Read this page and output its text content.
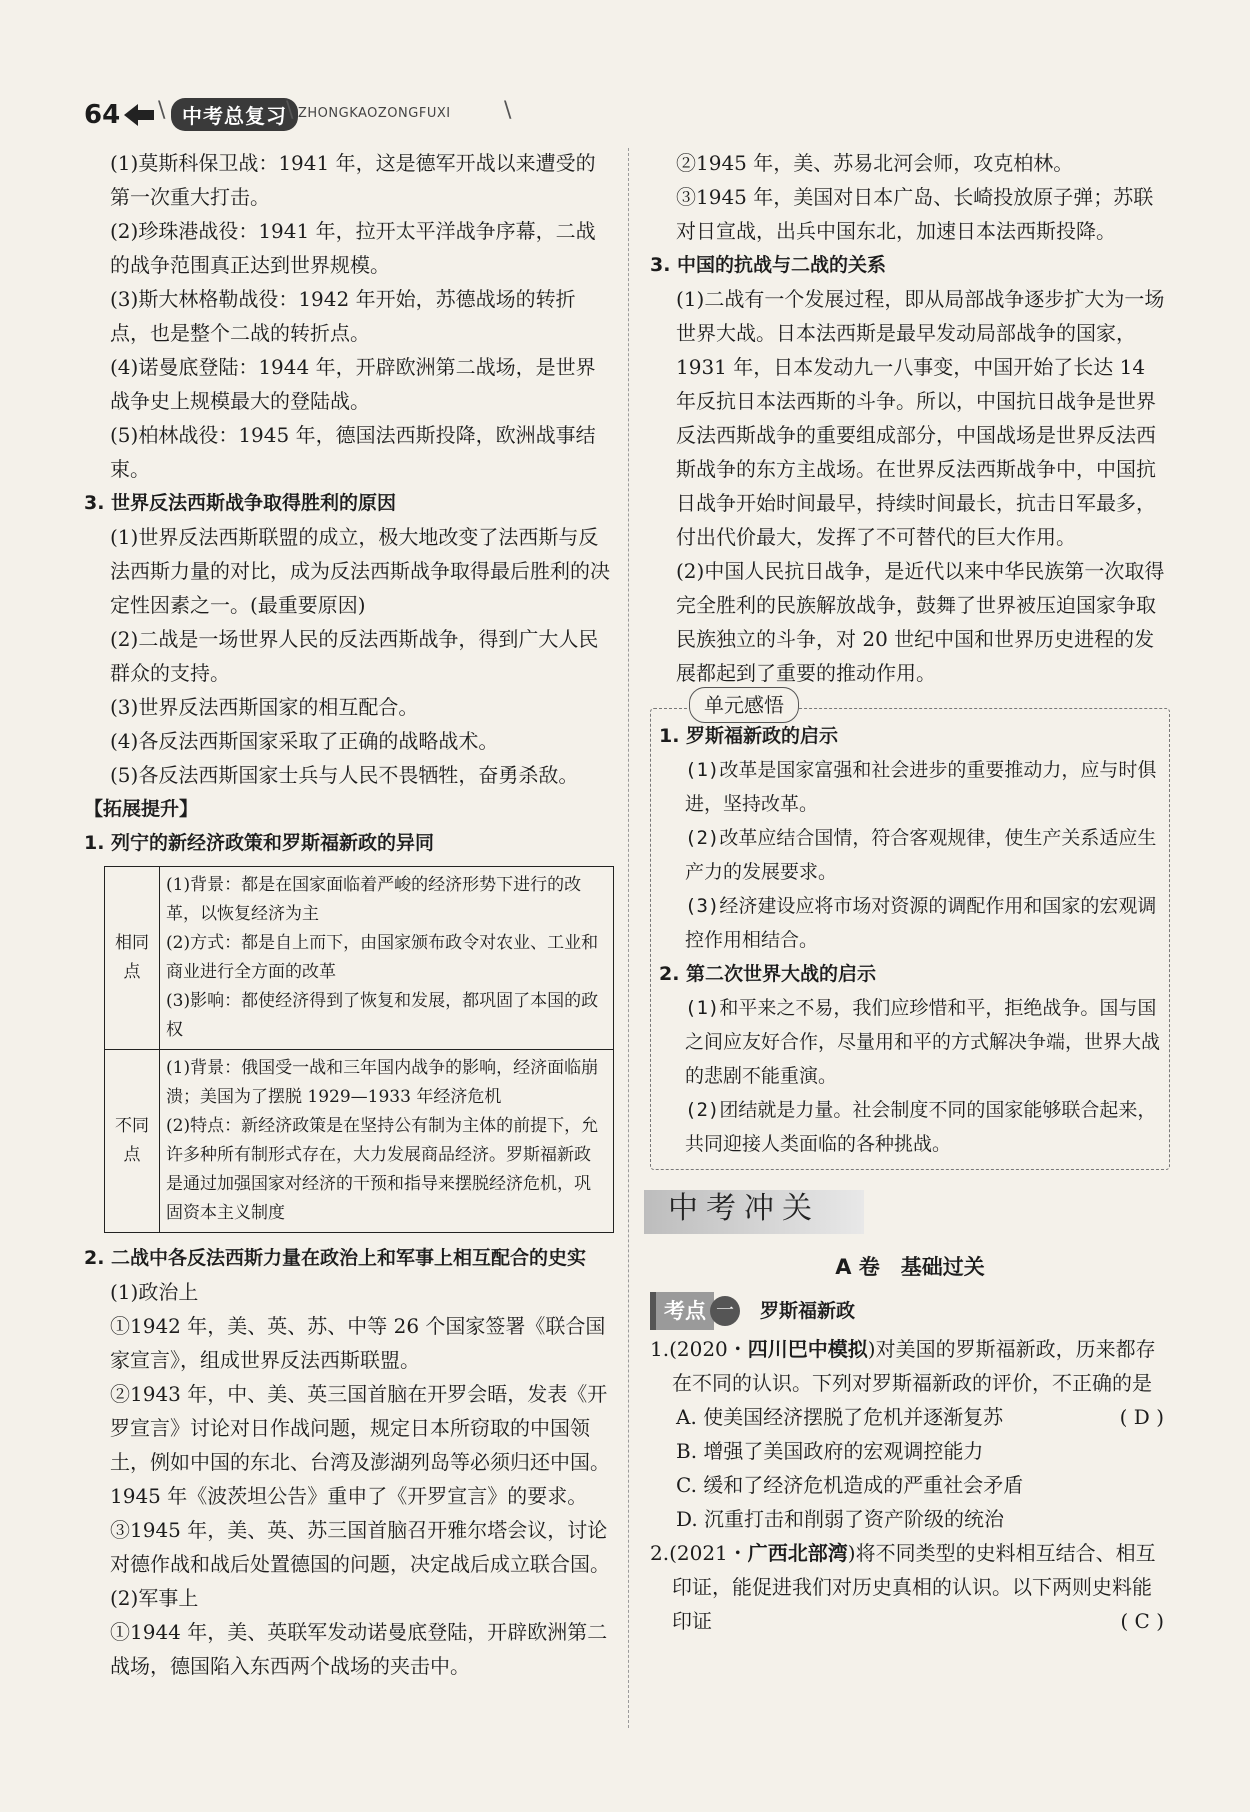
64 \ 中考总复习 \ ZHONGKAOZONGFUXI \

(1)莫斯科保卫战：1941 年，这是德军开战以来遭受的第一次重大打击。

(2)珍珠港战役：1941 年，拉开太平洋战争序幕，二战的战争范围真正达到世界规模。

(3)斯大林格勒战役：1942 年开始，苏德战场的转折点，也是整个二战的转折点。

(4)诺曼底登陆：1944 年，开辟欧洲第二战场，是世界战争史上规模最大的登陆战。

(5)柏林战役：1945 年，德国法西斯投降，欧洲战事结束。

3. 世界反法西斯战争取得胜利的原因

(1)世界反法西斯联盟的成立，极大地改变了法西斯与反法西斯力量的对比，成为反法西斯战争取得最后胜利的决定性因素之一。(最重要原因)

(2)二战是一场世界人民的反法西斯战争，得到广大人民群众的支持。

(3)世界反法西斯国家的相互配合。

(4)各反法西斯国家采取了正确的战略战术。

(5)各反法西斯国家士兵与人民不畏牺牲，奋勇杀敌。

【拓展提升】

1. 列宁的新经济政策和罗斯福新政的异同

相同点	(1)背景：都是在国家面临着严峻的经济形势下进行的改革，以恢复经济为主
(2)方式：都是自上而下，由国家颁布政令对农业、工业和商业进行全方面的改革
(3)影响：都使经济得到了恢复和发展，都巩固了本国的政权

不同点	(1)背景：俄国受一战和三年国内战争的影响，经济面临崩溃；美国为了摆脱 1929—1933 年经济危机
(2)特点：新经济政策是在坚持公有制为主体的前提下，允许多种所有制形式存在，大力发展商品经济。罗斯福新政是通过加强国家对经济的干预和指导来摆脱经济危机，巩固资本主义制度

2. 二战中各反法西斯力量在政治上和军事上相互配合的史实

(1)政治上

①1942 年，美、英、苏、中等 26 个国家签署《联合国家宣言》，组成世界反法西斯联盟。

②1943 年，中、美、英三国首脑在开罗会晤，发表《开罗宣言》讨论对日作战问题，规定日本所窃取的中国领土，例如中国的东北、台湾及澎湖列岛等必须归还中国。1945 年《波茨坦公告》重申了《开罗宣言》的要求。

③1945 年，美、英、苏三国首脑召开雅尔塔会议，讨论对德作战和战后处置德国的问题，决定战后成立联合国。

(2)军事上

①1944 年，美、英联军发动诺曼底登陆，开辟欧洲第二战场，德国陷入东西两个战场的夹击中。

②1945 年，美、苏易北河会师，攻克柏林。

③1945 年，美国对日本广岛、长崎投放原子弹；苏联对日宣战，出兵中国东北，加速日本法西斯投降。

3. 中国的抗战与二战的关系

(1)二战有一个发展过程，即从局部战争逐步扩大为一场世界大战。日本法西斯是最早发动局部战争的国家，1931 年，日本发动九一八事变，中国开始了长达 14 年反抗日本法西斯的斗争。所以，中国抗日战争是世界反法西斯战争的重要组成部分，中国战场是世界反法西斯战争的东方主战场。在世界反法西斯战争中，中国抗日战争开始时间最早，持续时间最长，抗击日军最多，付出代价最大，发挥了不可替代的巨大作用。

(2)中国人民抗日战争，是近代以来中华民族第一次取得完全胜利的民族解放战争，鼓舞了世界被压迫国家争取民族独立的斗争，对 20 世纪中国和世界历史进程的发展都起到了重要的推动作用。

单元感悟

1. 罗斯福新政的启示

(1)改革是国家富强和社会进步的重要推动力，应与时俱进，坚持改革。

(2)改革应结合国情，符合客观规律，使生产关系适应生产力的发展要求。

(3)经济建设应将市场对资源的调配作用和国家的宏观调控作用相结合。

2. 第二次世界大战的启示

(1)和平来之不易，我们应珍惜和平，拒绝战争。国与国之间应友好合作，尽量用和平的方式解决争端，世界大战的悲剧不能重演。

(2)团结就是力量。社会制度不同的国家能够联合起来，共同迎接人类面临的各种挑战。

中考冲关
A 卷　基础过关
考点 一	罗斯福新政

1.(2020・四川巴中模拟)对美国的罗斯福新政，历来都存在不同的认识。下列对罗斯福新政的评价，不正确的是
( D )

A. 使美国经济摆脱了危机并逐渐复苏

B. 增强了美国政府的宏观调控能力

C. 缓和了经济危机造成的严重社会矛盾

D. 沉重打击和削弱了资产阶级的统治

2.(2021・广西北部湾)将不同类型的史料相互结合、相互印证，能促进我们对历史真相的认识。以下两则史料能印证	( C )
